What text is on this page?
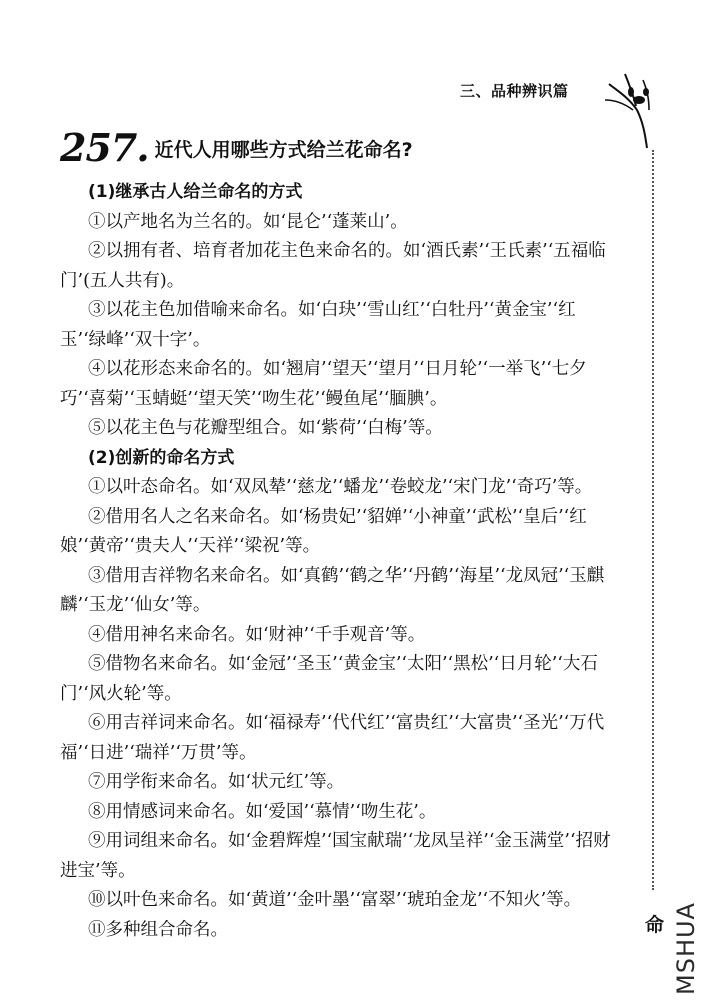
三、品种辨识篇
257. 近代人用哪些方式给兰花命名?

(1)继承古人给兰命名的方式

①以产地名为兰名的。如‘昆仑’‘蓬莱山’。

②以拥有者、培育者加花主色来命名的。如‘酒氏素’‘王氏素’‘五福临门’(五人共有)。

③以花主色加借喻来命名。如‘白玦’‘雪山红’‘白牡丹’‘黄金宝’‘红玉’‘绿峰’‘双十字’。

④以花形态来命名的。如‘翘肩’‘望天’‘望月’‘日月轮’‘一举飞’‘七夕巧’‘喜菊’‘玉蜻蜓’‘望天笑’‘吻生花’‘鳗鱼尾’‘腼腆’。

⑤以花主色与花瓣型组合。如‘紫荷’‘白梅’等。

(2)创新的命名方式

①以叶态命名。如‘双凤辇’‘慈龙’‘蟠龙’‘卷蛟龙’‘宋门龙’‘奇巧’等。

②借用名人之名来命名。如‘杨贵妃’‘貂婵’‘小神童’‘武松’‘皇后’‘红娘’‘黄帝’‘贵夫人’‘天祥’‘梁祝’等。

③借用吉祥物名来命名。如‘真鹤’‘鹤之华’‘丹鹤’‘海星’‘龙凤冠’‘玉麒麟’‘玉龙’‘仙女’等。

④借用神名来命名。如‘财神’‘千手观音’等。

⑤借物名来命名。如‘金冠’‘圣玉’‘黄金宝’‘太阳’‘黑松’‘日月轮’‘大石门’‘风火轮’等。

⑥用吉祥词来命名。如‘福禄寿’‘代代红’‘富贵红’‘大富贵’‘圣光’‘万代福’‘日进’‘瑞祥’‘万贯’等。

⑦用学衔来命名。如‘状元红’等。

⑧用情感词来命名。如‘爱国’‘慕情’‘吻生花’。

⑨用词组来命名。如‘金碧辉煌’‘国宝献瑞’‘龙凤呈祥’‘金玉满堂’‘招财进宝’等。

⑩以叶色来命名。如‘黄道’‘金叶墨’‘富翠’‘琥珀金龙’‘不知火’等。

⑪多种组合命名。	命 MSHUA
